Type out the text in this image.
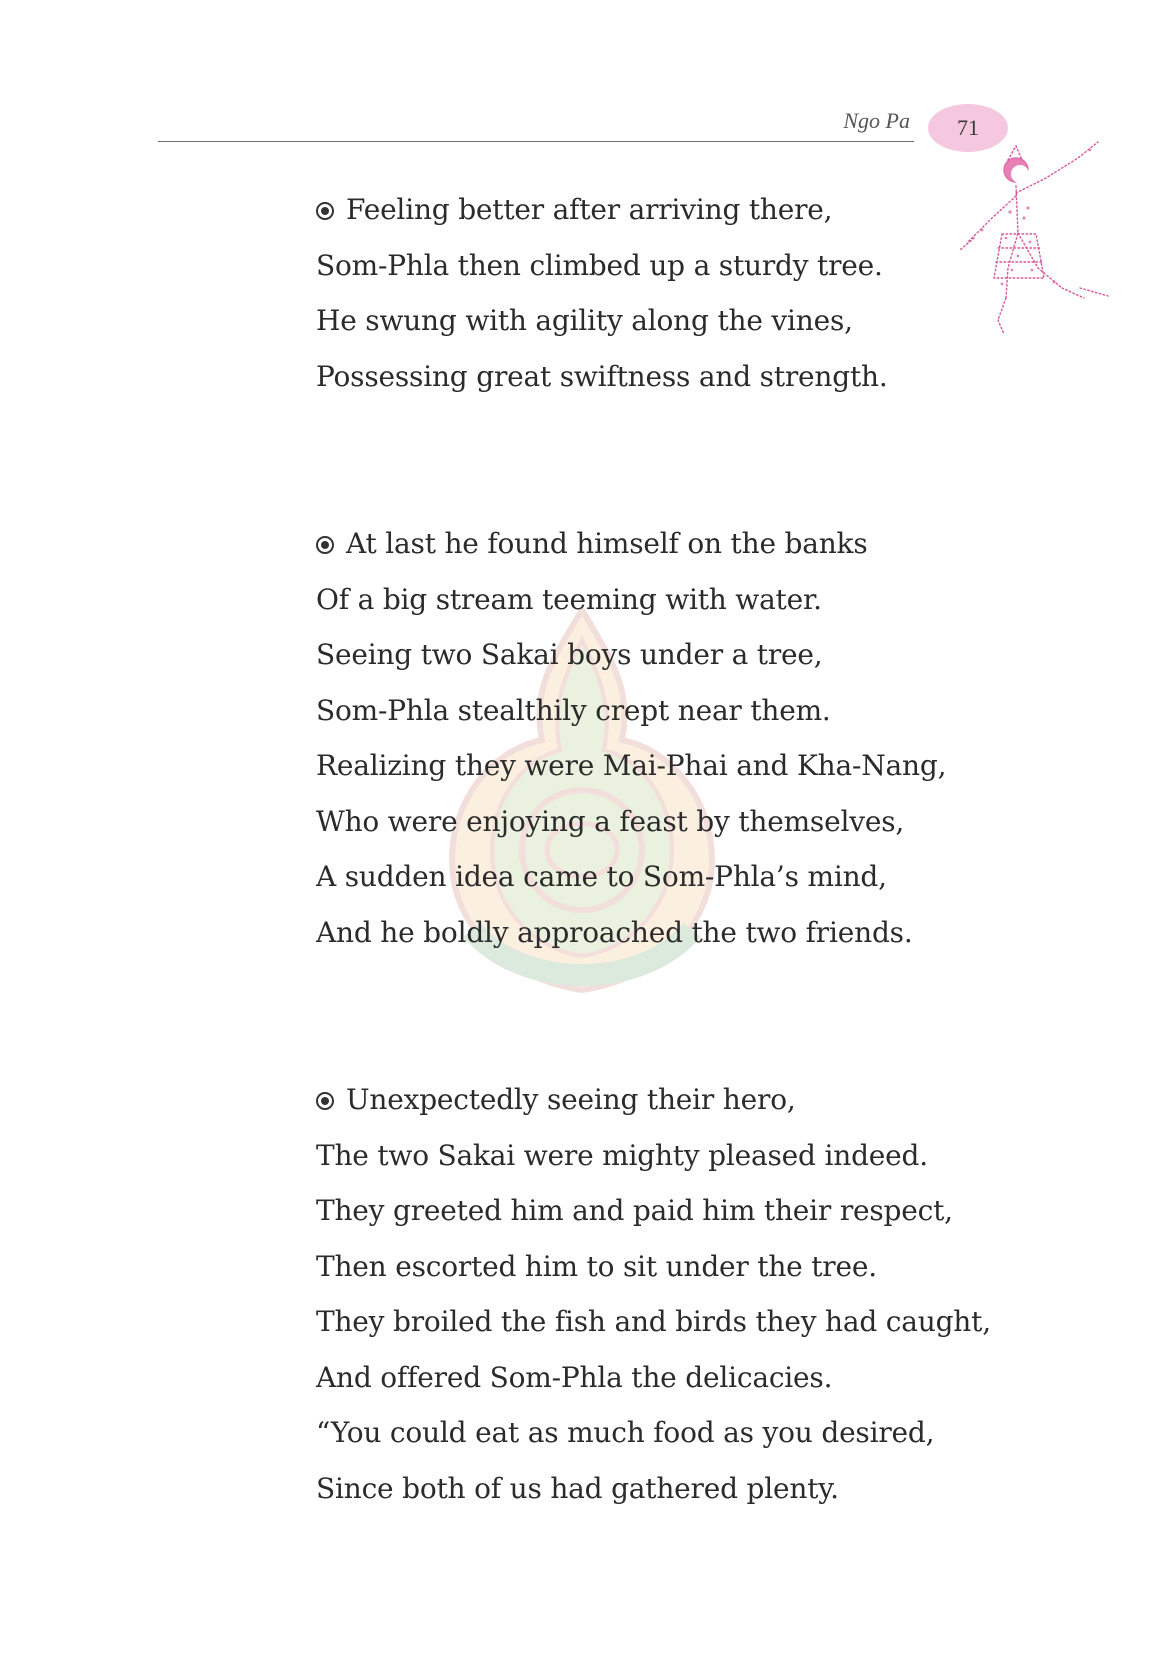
Ngo Pa 71
Feeling better after arriving there,
Som-Phla then climbed up a sturdy tree.
He swung with agility along the vines,
Possessing great swiftness and strength.
At last he found himself on the banks
Of a big stream teeming with water.
Seeing two Sakai boys under a tree,
Som-Phla stealthily crept near them.
Realizing they were Mai-Phai and Kha-Nang,
Who were enjoying a feast by themselves,
A sudden idea came to Som-Phla’s mind,
And he boldly approached the two friends.
Unexpectedly seeing their hero,
The two Sakai were mighty pleased indeed.
They greeted him and paid him their respect,
Then escorted him to sit under the tree.
They broiled the fish and birds they had caught,
And offered Som-Phla the delicacies.
“You could eat as much food as you desired,
Since both of us had gathered plenty.
